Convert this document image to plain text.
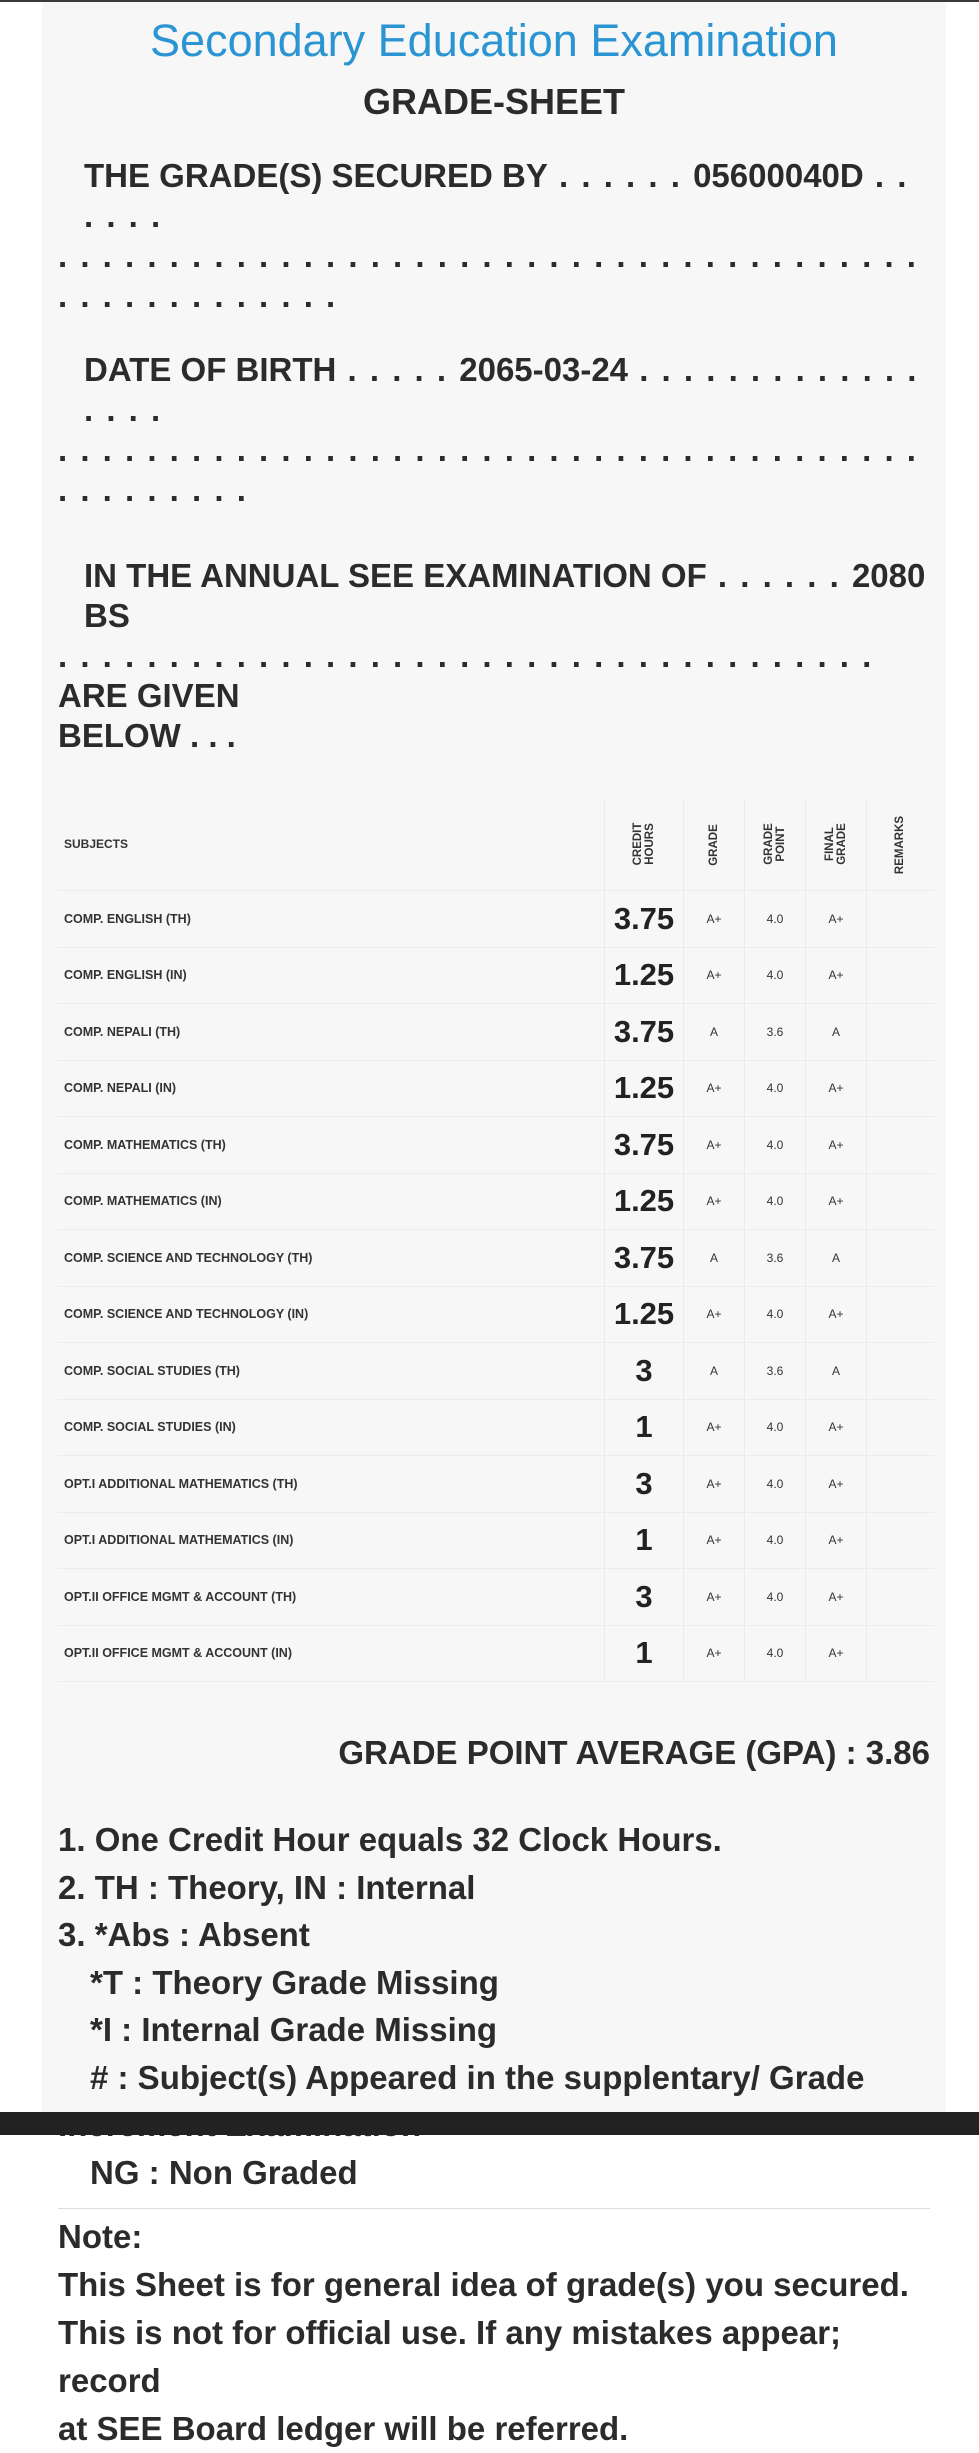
Secondary Education Examination
GRADE-SHEET
THE GRADE(S) SECURED BY . . . . . . 05600040D . . . . . .
. . . . . . . . . . . . . . . . . . . . . . . . . . . . . . . . . . . . . . . . . . . . . . . . . . . .
DATE OF BIRTH . . . . . 2065-03-24 . . . . . . . . . . . . . . . . .
. . . . . . . . . . . . . . . . . . . . . . . . . . . . . . . . . . . . . . . . . . . . . . . .
IN THE ANNUAL SEE EXAMINATION OF . . . . . . 2080 BS
. . . . . . . . . . . . . . . . . . . . . . . . . . . . . . . . . . . . . ARE GIVEN
BELOW . . .
SUBJECTS	CREDIT HOURS	GRADE	GRADE POINT	FINAL GRADE	REMARKS
COMP. ENGLISH (TH)	3.75	A+	4.0	A+	
COMP. ENGLISH (IN)	1.25	A+	4.0	A+	
COMP. NEPALI (TH)	3.75	A	3.6	A	
COMP. NEPALI (IN)	1.25	A+	4.0	A+	
COMP. MATHEMATICS (TH)	3.75	A+	4.0	A+	
COMP. MATHEMATICS (IN)	1.25	A+	4.0	A+	
COMP. SCIENCE AND TECHNOLOGY (TH)	3.75	A	3.6	A	
COMP. SCIENCE AND TECHNOLOGY (IN)	1.25	A+	4.0	A+	
COMP. SOCIAL STUDIES (TH)	3	A	3.6	A	
COMP. SOCIAL STUDIES (IN)	1	A+	4.0	A+	
OPT.I ADDITIONAL MATHEMATICS (TH)	3	A+	4.0	A+	
OPT.I ADDITIONAL MATHEMATICS (IN)	1	A+	4.0	A+	
OPT.II OFFICE MGMT & ACCOUNT (TH)	3	A+	4.0	A+	
OPT.II OFFICE MGMT & ACCOUNT (IN)	1	A+	4.0	A+	
GRADE POINT AVERAGE (GPA) : 3.86
1. One Credit Hour equals 32 Clock Hours.
2. TH : Theory, IN : Internal
3. *Abs : Absent
*T : Theory Grade Missing
*I : Internal Grade Missing
# : Subject(s) Appeared in the supplentary/ Grade
NG : Non Graded
Note:
This Sheet is for general idea of grade(s) you secured.
This is not for official use. If any mistakes appear; record
at SEE Board ledger will be referred.
